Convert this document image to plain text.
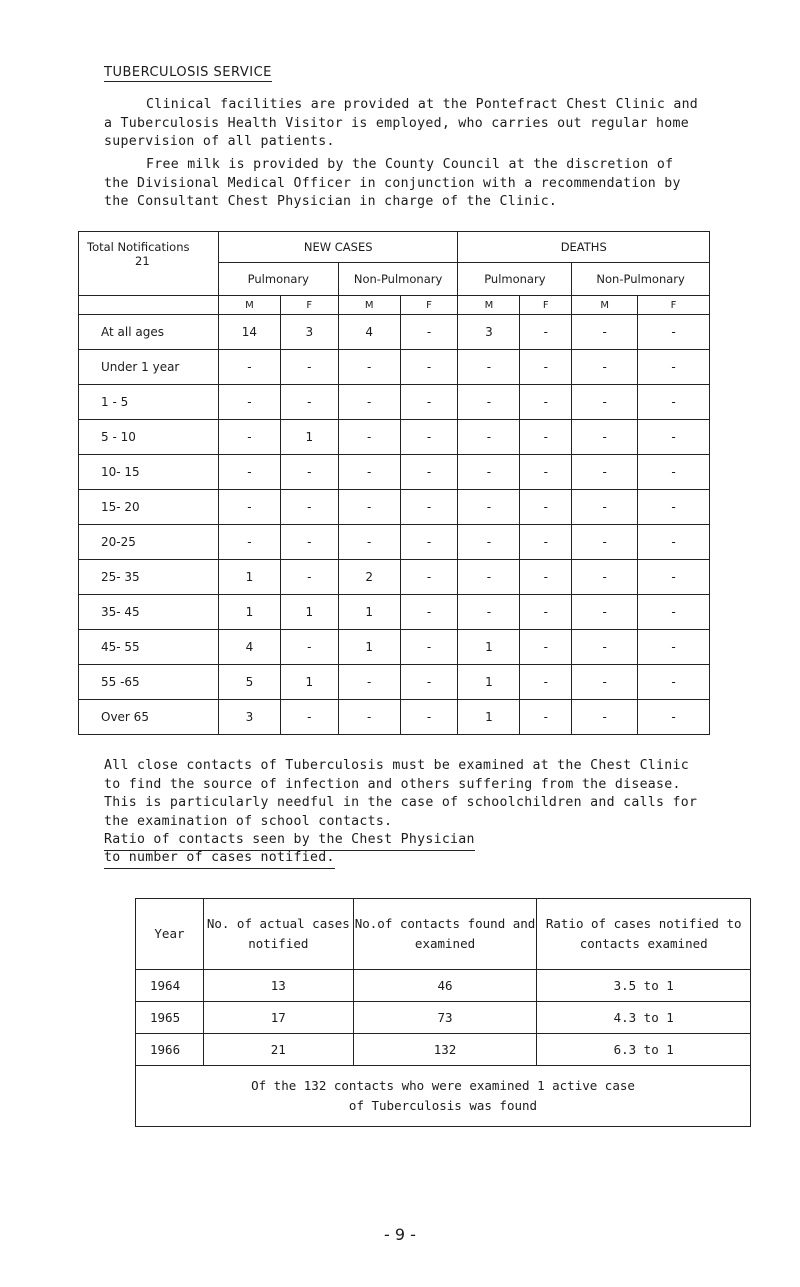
TUBERCULOSIS SERVICE
Clinical facilities are provided at the Pontefract Chest Clinic and a Tuberculosis Health Visitor is employed, who carries out regular home supervision of all patients.
Free milk is provided by the County Council at the discretion of the Divisional Medical Officer in conjunction with a recommendation by the Consultant Chest Physician in charge of the Clinic.
Total Notifications
21	NEW CASES				DEATHS			
	Pulmonary		Non-Pulmonary		Pulmonary		Non-Pulmonary	
	M	F	M	F	M	F	M	F
At all ages	14	3	4	-	3	-	-	-
Under 1 year	-	-	-	-	-	-	-	-
1 - 5	-	-	-	-	-	-	-	-
5 - 10	-	1	-	-	-	-	-	-
10- 15	-	-	-	-	-	-	-	-
15- 20	-	-	-	-	-	-	-	-
20-25	-	-	-	-	-	-	-	-
25- 35	1	-	2	-	-	-	-	-
35- 45	1	1	1	-	-	-	-	-
45- 55	4	-	1	-	1	-	-	-
55 -65	5	1	-	-	1	-	-	-
Over 65	3	-	-	-	1	-	-	-
All close contacts of Tuberculosis must be examined at the Chest Clinic to find the source of infection and others suffering from the disease. This is particularly needful in the case of schoolchildren and calls for the examination of school contacts.
Ratio of contacts seen by the Chest Physician
to number of cases notified.
Year	No. of actual cases notified	No.of contacts found and examined	Ratio of cases notified to contacts examined
1964	13	46	3.5 to 1
1965	17	73	4.3 to 1
1966	21	132	6.3 to 1

Of the 132 contacts who were examined 1 active case of Tuberculosis was found			
- 9 -
